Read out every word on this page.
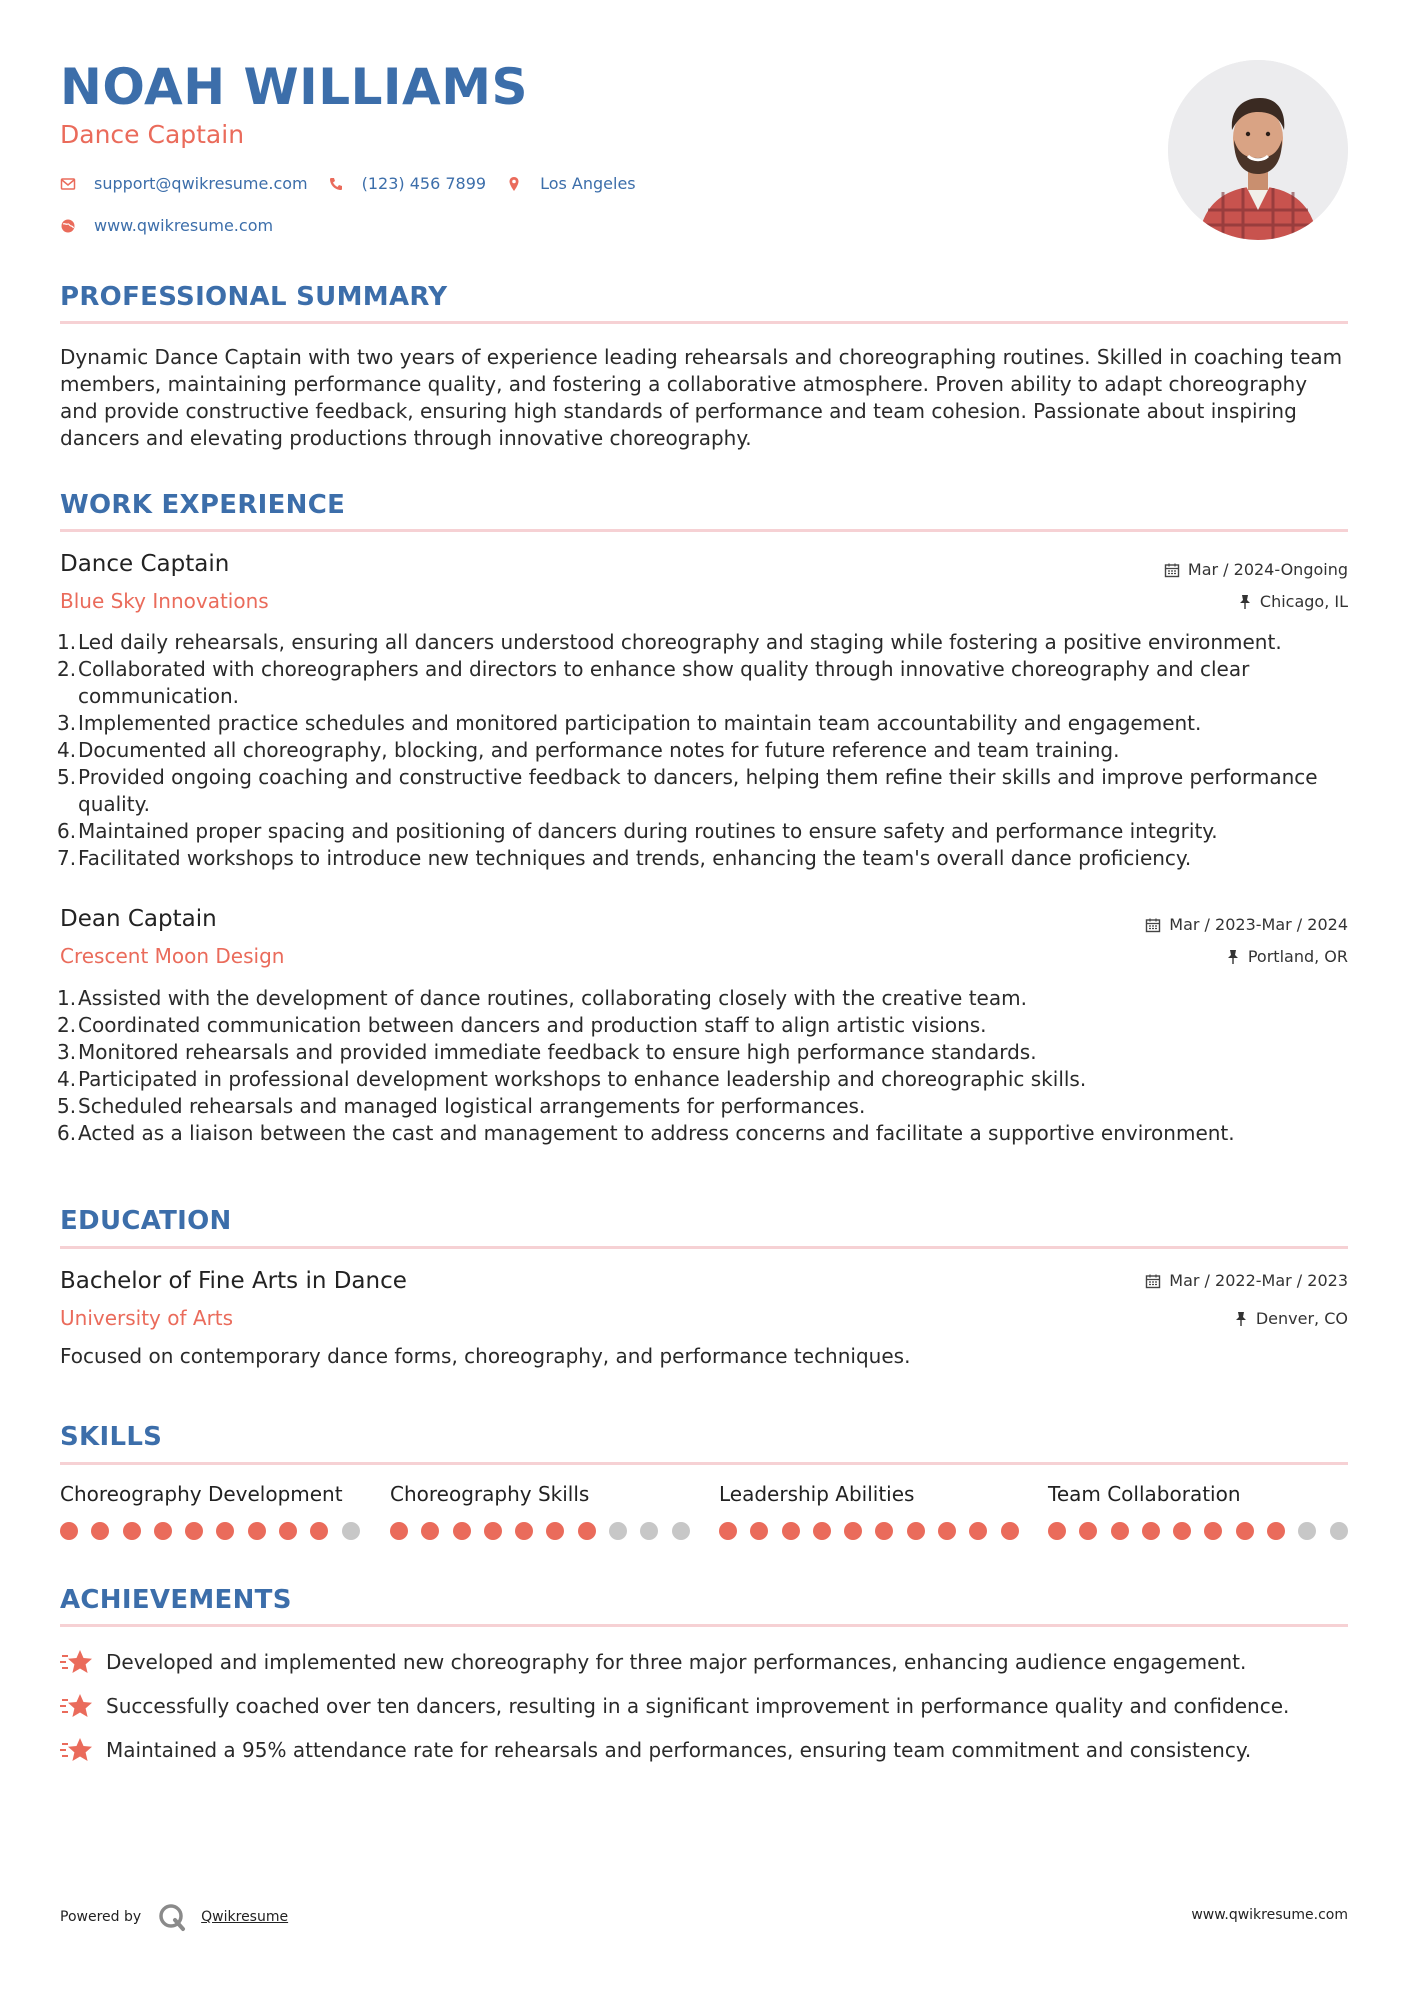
NOAH WILLIAMS
Dance Captain
support@qwikresume.com	(123) 456 7899	Los Angeles
www.qwikresume.com
PROFESSIONAL SUMMARY
Dynamic Dance Captain with two years of experience leading rehearsals and choreographing routines. Skilled in coaching team members, maintaining performance quality, and fostering a collaborative atmosphere. Proven ability to adapt choreography and provide constructive feedback, ensuring high standards of performance and team cohesion. Passionate about inspiring dancers and elevating productions through innovative choreography.
WORK EXPERIENCE
Dance Captain	Mar / 2024-Ongoing
Blue Sky Innovations	Chicago, IL
Led daily rehearsals, ensuring all dancers understood choreography and staging while fostering a positive environment.
Collaborated with choreographers and directors to enhance show quality through innovative choreography and clear communication.
Implemented practice schedules and monitored participation to maintain team accountability and engagement.
Documented all choreography, blocking, and performance notes for future reference and team training.
Provided ongoing coaching and constructive feedback to dancers, helping them refine their skills and improve performance quality.
Maintained proper spacing and positioning of dancers during routines to ensure safety and performance integrity.
Facilitated workshops to introduce new techniques and trends, enhancing the team's overall dance proficiency.
Dean Captain	Mar / 2023-Mar / 2024
Crescent Moon Design	Portland, OR
Assisted with the development of dance routines, collaborating closely with the creative team.
Coordinated communication between dancers and production staff to align artistic visions.
Monitored rehearsals and provided immediate feedback to ensure high performance standards.
Participated in professional development workshops to enhance leadership and choreographic skills.
Scheduled rehearsals and managed logistical arrangements for performances.
Acted as a liaison between the cast and management to address concerns and facilitate a supportive environment.
EDUCATION
Bachelor of Fine Arts in Dance	Mar / 2022-Mar / 2023
University of Arts	Denver, CO
Focused on contemporary dance forms, choreography, and performance techniques.
SKILLS
Choreography Development	Choreography Skills	Leadership Abilities	Team Collaboration
ACHIEVEMENTS
Developed and implemented new choreography for three major performances, enhancing audience engagement.
Successfully coached over ten dancers, resulting in a significant improvement in performance quality and confidence.
Maintained a 95% attendance rate for rehearsals and performances, ensuring team commitment and consistency.
Powered by	Qwikresume	www.qwikresume.com
